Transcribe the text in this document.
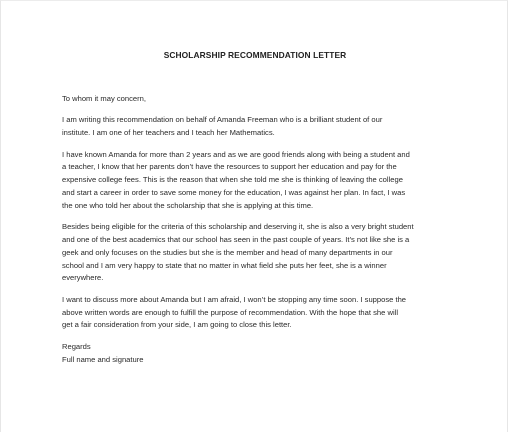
SCHOLARSHIP RECOMMENDATION LETTER
To whom it may concern,
I am writing this recommendation on behalf of Amanda Freeman who is a brilliant student of our
institute. I am one of her teachers and I teach her Mathematics.
I have known Amanda for more than 2 years and as we are good friends along with being a student and
a teacher, I know that her parents don’t have the resources to support her education and pay for the
expensive college fees. This is the reason that when she told me she is thinking of leaving the college
and start a career in order to save some money for the education, I was against her plan. In fact, I was
the one who told her about the scholarship that she is applying at this time.
Besides being eligible for the criteria of this scholarship and deserving it, she is also a very bright student
and one of the best academics that our school has seen in the past couple of years. It’s not like she is a
geek and only focuses on the studies but she is the member and head of many departments in our
school and I am very happy to state that no matter in what field she puts her feet, she is a winner
everywhere.
I want to discuss more about Amanda but I am afraid, I won’t be stopping any time soon. I suppose the
above written words are enough to fulfill the purpose of recommendation. With the hope that she will
get a fair consideration from your side, I am going to close this letter.
Regards
Full name and signature
